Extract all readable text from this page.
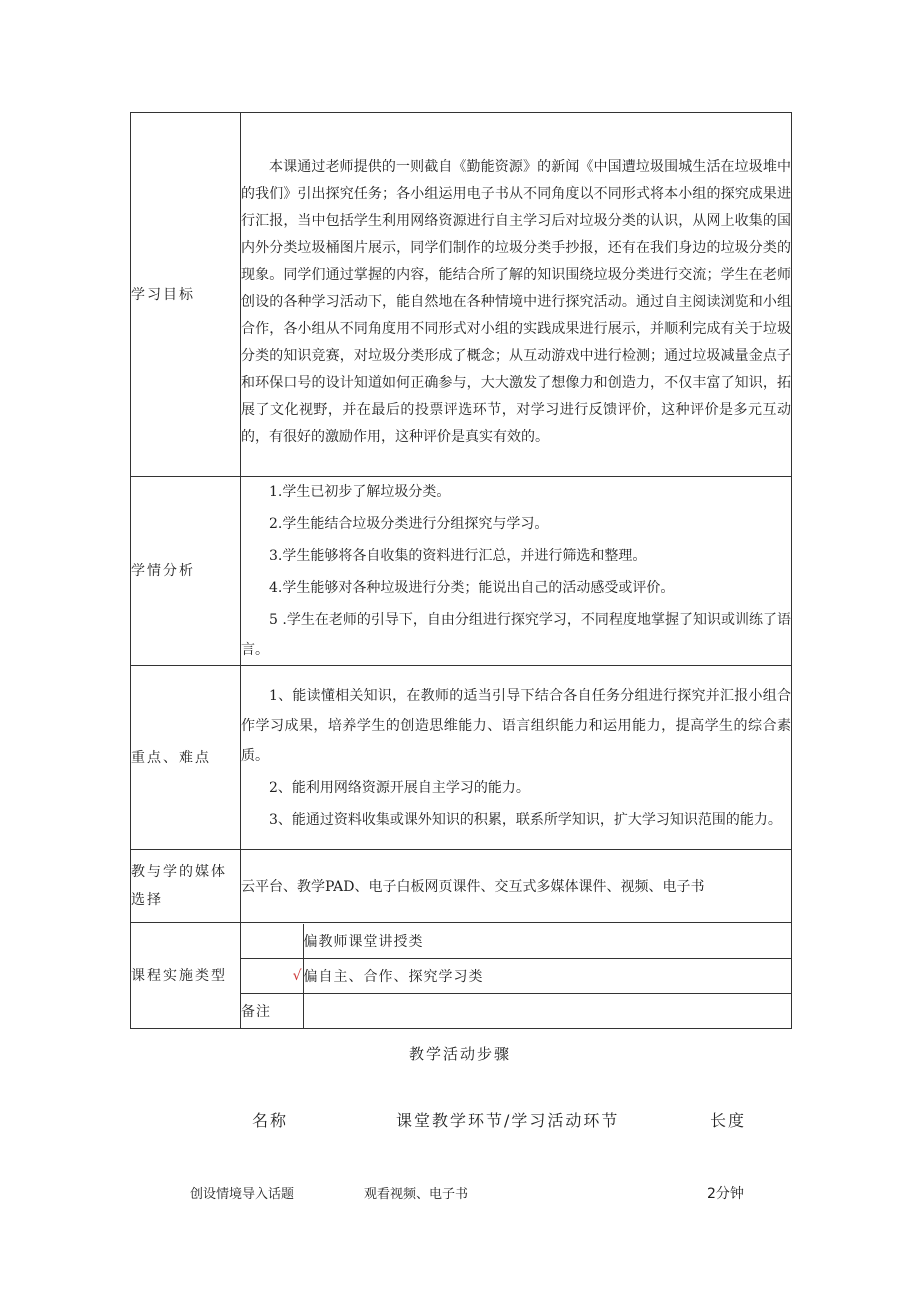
学习目标	
本课通过老师提供的一则截自《勤能资源》的新闻《中国遭垃圾围城生活在垃圾堆中的我们》引出探究任务；各小组运用电子书从不同角度以不同形式将本小组的探究成果进行汇报，当中包括学生利用网络资源进行自主学习后对垃圾分类的认识，从网上收集的国内外分类垃圾桶图片展示，同学们制作的垃圾分类手抄报，还有在我们身边的垃圾分类的现象。同学们通过掌握的内容，能结合所了解的知识围绕垃圾分类进行交流；学生在老师创设的各种学习活动下，能自然地在各种情境中进行探究活动。通过自主阅读浏览和小组合作，各小组从不同角度用不同形式对小组的实践成果进行展示，并顺利完成有关于垃圾分类的知识竞赛，对垃圾分类形成了概念；从互动游戏中进行检测；通过垃圾减量金点子和环保口号的设计知道如何正确参与，大大激发了想像力和创造力，不仅丰富了知识，拓展了文化视野，并在最后的投票评选环节，对学习进行反馈评价，这种评价是多元互动的，有很好的激励作用，这种评价是真实有效的。

学情分析	
1.学生已初步了解垃圾分类。
2.学生能结合垃圾分类进行分组探究与学习。
3.学生能够将各自收集的资料进行汇总，并进行筛选和整理。
4.学生能够对各种垃圾进行分类；能说出自己的活动感受或评价。
5 .学生在老师的引导下，自由分组进行探究学习，不同程度地掌握了知识或训练了语言。

重点、难点	
1、能读懂相关知识，在教师的适当引导下结合各自任务分组进行探究并汇报小组合作学习成果，培养学生的创造思维能力、语言组织能力和运用能力，提高学生的综合素质。
2、能利用网络资源开展自主学习的能力。
3、能通过资料收集或课外知识的积累，联系所学知识，扩大学习知识范围的能力。

教与学的媒体选择	云平台、教学PAD、电子白板网页课件、交互式多媒体课件、视频、电子书
课程实施类型	
	偏教师课堂讲授类
√	偏自主、合作、探究学习类
备注	
教学活动步骤
名称	课堂教学环节/学习活动环节	长度
创设情境导入话题	观看视频、电子书	2分钟
